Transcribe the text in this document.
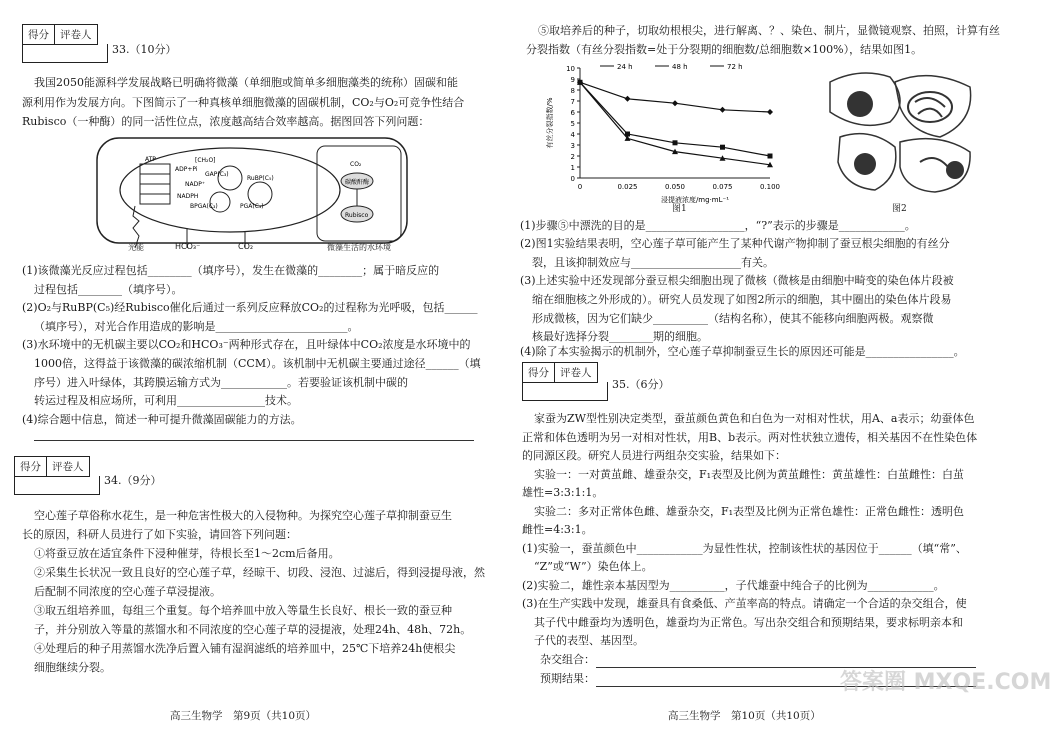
得分	评卷人
33.（10分）
我国2050能源科学发展战略已明确将微藻（单细胞或简单多细胞藻类的统称）固碳和能
源利用作为发展方向。下图简示了一种真核单细胞微藻的固碳机制，CO₂与O₂可竞争性结合
Rubisco（一种酶）的同一活性位点，浓度越高结合效率越高。据图回答下列问题：
ATP
ADP+Pi
NADP⁺
NADPH
[CH₂O]
GAP(C₃)
RuBP(C₅)
BPGA(C₃)	PGA(C₃)
CO₂
碳酸酐酶
Rubisco
光能	HCO₃⁻	CO₂	微藻生活的水环境
(1)该微藻光反应过程包括________（填序号），发生在微藻的________；属于暗反应的
过程包括________（填序号）。
(2)O₂与RuBP(C₅)经Rubisco催化后通过一系列反应释放CO₂的过程称为光呼吸，包括______
（填序号），对光合作用造成的影响是________________________。
(3)水环境中的无机碳主要以CO₂和HCO₃⁻两种形式存在，且叶绿体中CO₂浓度是水环境中的
1000倍，这得益于该微藻的碳浓缩机制（CCM）。该机制中无机碳主要通过途径______（填
序号）进入叶绿体，其跨膜运输方式为____________。若要验证该机制中碳的
转运过程及相应场所，可利用________________技术。
(4)综合题中信息，简述一种可提升微藻固碳能力的方法。
得分	评卷人
34.（9分）
空心莲子草俗称水花生，是一种危害性极大的入侵物种。为探究空心莲子草抑制蚕豆生
长的原因，科研人员进行了如下实验，请回答下列问题：
①将蚕豆放在适宜条件下浸种催芽，待根长至1～2cm后备用。
②采集生长状况一致且良好的空心莲子草，经晾干、切段、浸泡、过滤后，得到浸提母液，然
后配制不同浓度的空心莲子草浸提液。
③取五组培养皿，每组三个重复。每个培养皿中放入等量生长良好、根长一致的蚕豆种
子，并分别放入等量的蒸馏水和不同浓度的空心莲子草的浸提液，处理24h、48h、72h。
④处理后的种子用蒸馏水洗净后置入铺有湿润滤纸的培养皿中，25℃下培养24h使根尖
细胞继续分裂。
高三生物学　第9页（共10页）
⑤取培养后的种子，切取幼根根尖，进行解离、？、染色、制片，显微镜观察、拍照，计算有丝
分裂指数（有丝分裂指数=处于分裂期的细胞数/总细胞数×100%），结果如图1。
0
1
2
3
4
5
6
7
8
9
10
0	0.025	0.050	0.075	0.100
浸提液浓度/mg·mL⁻¹
有丝分裂指数/%
24 h	48 h	72 h
图1	图2
(1)步骤⑤中漂洗的目的是__________________，“?”表示的步骤是____________。
(2)图1实验结果表明，空心莲子草可能产生了某种代谢产物抑制了蚕豆根尖细胞的有丝分
裂，且该抑制效应与____________________有关。
(3)上述实验中还发现部分蚕豆根尖细胞出现了微核（微核是由细胞中畸变的染色体片段被
缩在细胞核之外形成的）。研究人员发现了如图2所示的细胞，其中圈出的染色体片段易
形成微核，因为它们缺少__________（结构名称），使其不能移向细胞两极。观察微
核最好选择分裂________期的细胞。
(4)除了本实验揭示的机制外，空心莲子草抑制蚕豆生长的原因还可能是________________。
得分	评卷人
35.（6分）
家蚕为ZW型性别决定类型，蚕茧颜色黄色和白色为一对相对性状，用A、a表示；幼蚕体色
正常和体色透明为另一对相对性状，用B、b表示。两对性状独立遗传，相关基因不在性染色体
的同源区段。研究人员进行两组杂交实验，结果如下：
实验一：一对黄茧雌、雄蚕杂交，F₁表型及比例为黄茧雌性：黄茧雄性：白茧雌性：白茧
雄性=3:3:1:1。
实验二：多对正常体色雌、雄蚕杂交，F₁表型及比例为正常色雄性：正常色雌性：透明色
雌性=4:3:1。
(1)实验一，蚕茧颜色中____________为显性性状，控制该性状的基因位于______（填“常”、
“Z”或“W”）染色体上。
(2)实验二，雄性亲本基因型为__________，子代雄蚕中纯合子的比例为____________。
(3)在生产实践中发现，雄蚕具有食桑低、产茧率高的特点。请确定一个合适的杂交组合，使
其子代中雌蚕均为透明色，雄蚕均为正常色。写出杂交组合和预期结果，要求标明亲本和
子代的表型、基因型。
杂交组合：
预期结果：
高三生物学　第10页（共10页）
答案圈 MXQE.COM
